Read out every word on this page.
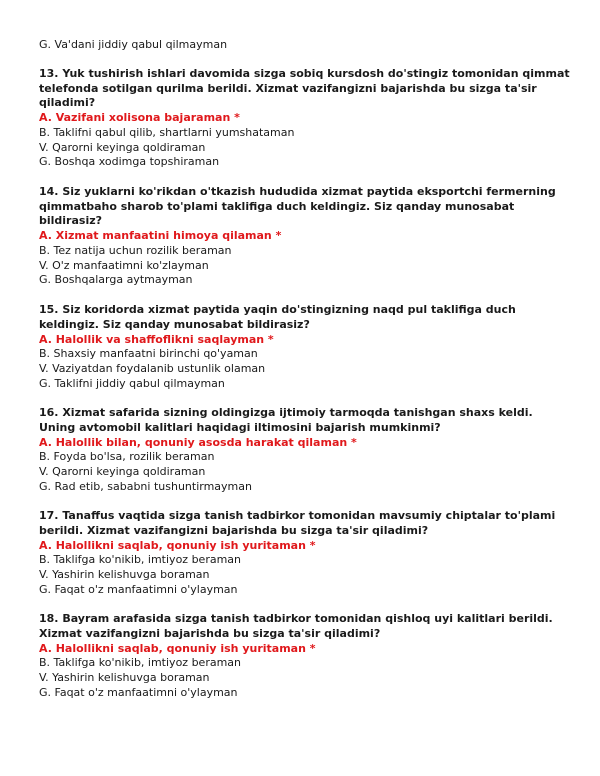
G. Va'dani jiddiy qabul qilmayman
13. Yuk tushirish ishlari davomida sizga sobiq kursdosh do'stingiz tomonidan qimmat
telefonda sotilgan qurilma berildi. Xizmat vazifangizni bajarishda bu sizga ta'sir
qiladimi?
A. Vazifani xolisona bajaraman *
B. Taklifni qabul qilib, shartlarni yumshataman
V. Qarorni keyinga qoldiraman
G. Boshqa xodimga topshiraman
14. Siz yuklarni ko'rikdan o'tkazish hududida xizmat paytida eksportchi fermerning
qimmatbaho sharob to'plami taklifiga duch keldingiz. Siz qanday munosabat
bildirasiz?
A. Xizmat manfaatini himoya qilaman *
B. Tez natija uchun rozilik beraman
V. O'z manfaatimni ko'zlayman
G. Boshqalarga aytmayman
15. Siz koridorda xizmat paytida yaqin do'stingizning naqd pul taklifiga duch
keldingiz. Siz qanday munosabat bildirasiz?
A. Halollik va shaffoflikni saqlayman *
B. Shaxsiy manfaatni birinchi qo'yaman
V. Vaziyatdan foydalanib ustunlik olaman
G. Taklifni jiddiy qabul qilmayman
16. Xizmat safarida sizning oldingizga ijtimoiy tarmoqda tanishgan shaxs keldi.
Uning avtomobil kalitlari haqidagi iltimosini bajarish mumkinmi?
A. Halollik bilan, qonuniy asosda harakat qilaman *
B. Foyda bo'lsa, rozilik beraman
V. Qarorni keyinga qoldiraman
G. Rad etib, sababni tushuntirmayman
17. Tanaffus vaqtida sizga tanish tadbirkor tomonidan mavsumiy chiptalar to'plami
berildi. Xizmat vazifangizni bajarishda bu sizga ta'sir qiladimi?
A. Halollikni saqlab, qonuniy ish yuritaman *
B. Taklifga ko'nikib, imtiyoz beraman
V. Yashirin kelishuvga boraman
G. Faqat o'z manfaatimni o'ylayman
18. Bayram arafasida sizga tanish tadbirkor tomonidan qishloq uyi kalitlari berildi.
Xizmat vazifangizni bajarishda bu sizga ta'sir qiladimi?
A. Halollikni saqlab, qonuniy ish yuritaman *
B. Taklifga ko'nikib, imtiyoz beraman
V. Yashirin kelishuvga boraman
G. Faqat o'z manfaatimni o'ylayman
